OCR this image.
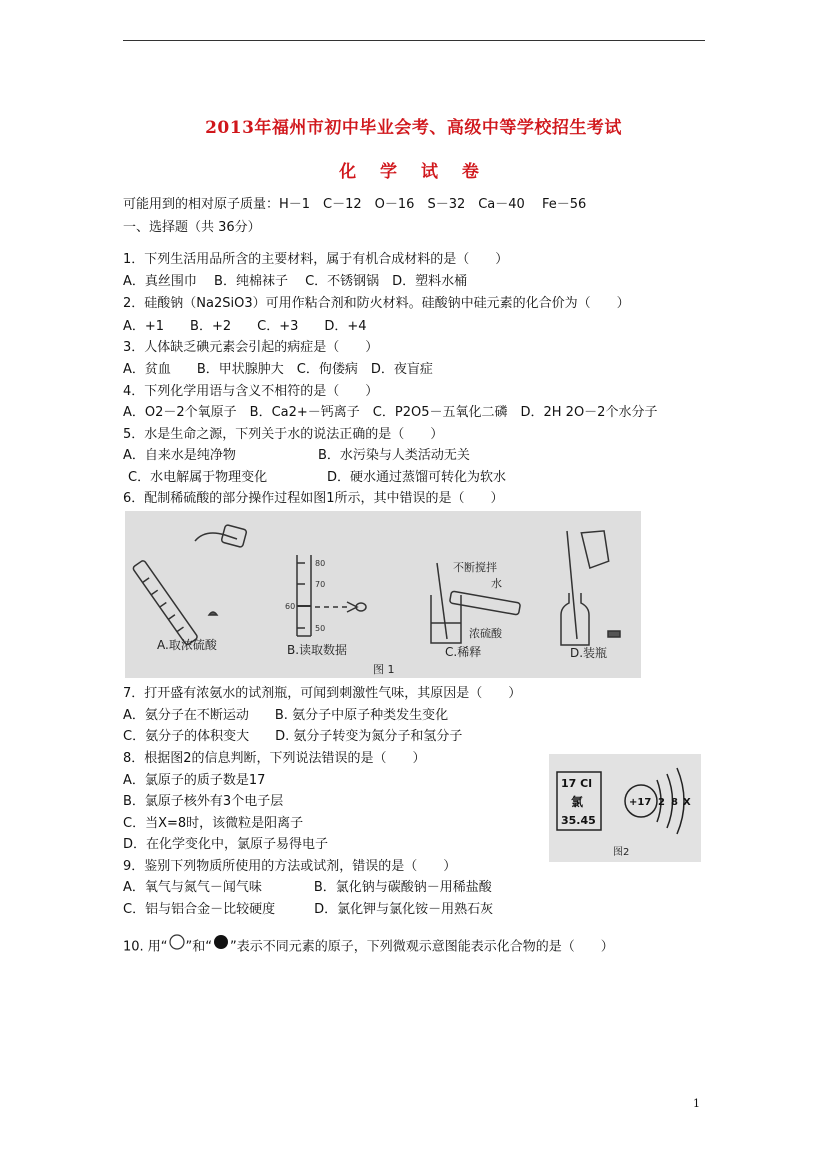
2013年福州市初中毕业会考、高级中等学校招生考试
化 学 试 卷
可能用到的相对原子质量：H－1　C－12　O－16　S－32　Ca－40　 Fe－56
一、选择题（共 36分）
1．下列生活用品所含的主要材料，属于有机合成材料的是（　　）
A．真丝围巾　 B．纯棉袜子　 C．不锈钢锅　D．塑料水桶
2．硅酸钠（Na2SiO3）可用作粘合剂和防火材料。硅酸钠中硅元素的化合价为（　　）
A．+1　　B．+2　　C．+3　　D．+4
3．人体缺乏碘元素会引起的病症是（　　）
A．贫血　　B．甲状腺肿大　C．佝偻病　D．夜盲症
4．下列化学用语与含义不相符的是（　　）
A．O2－2个氧原子　B．Ca2+－钙离子　C．P2O5－五氧化二磷　D．2H 2O－2个水分子
5．水是生命之源，下列关于水的说法正确的是（　　）
A．自来水是纯净物	B．水污染与人类活动无关
C．水电解属于物理变化	D．硬水通过蒸馏可转化为软水
6．配制稀硫酸的部分操作过程如图1所示，其中错误的是（　　）
80
70
60
50
不断搅拌
水
浓硫酸
A.取浓硫酸	B.读取数据	C.稀释	D.装瓶
图 1
7．打开盛有浓氨水的试剂瓶，可闻到刺激性气味，其原因是（　　）
A．氨分子在不断运动　　B. 氨分子中原子种类发生变化
C．氨分子的体积变大　　D. 氨分子转变为氮分子和氢分子
8．根据图2的信息判断，下列说法错误的是（　　）
A．氯原子的质子数是17
B．氯原子核外有3个电子层
C．当X=8时，该微粒是阳离子
D．在化学变化中，氯原子易得电子
17 Cl
氯
35.45
+17 2 8 X
图2
9．鉴别下列物质所使用的方法或试剂，错误的是（　　）
A．氧气与氮气－闻气味　　　　B．氯化钠与碳酸钠－用稀盐酸
C．铝与铝合金－比较硬度　　　D．氯化钾与氯化铵－用熟石灰
10. 用“ ”和“ ”表示不同元素的原子，下列微观示意图能表示化合物的是（　　）
1
